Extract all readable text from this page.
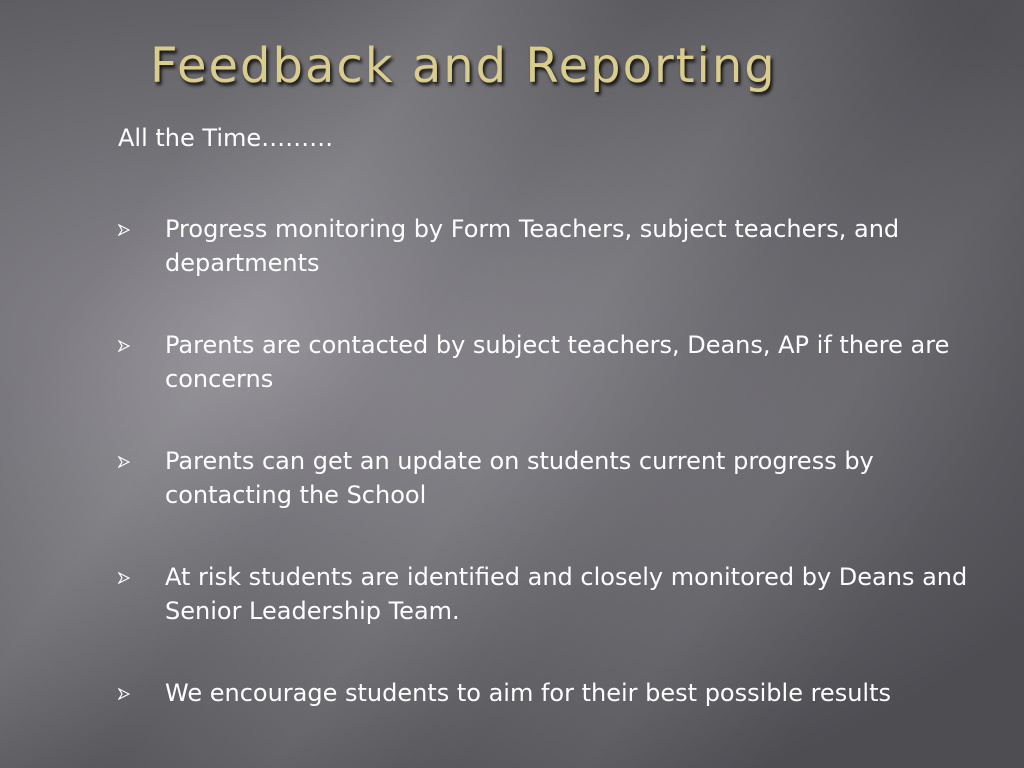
Feedback and Reporting

All the Time………

Progress monitoring by Form Teachers, subject teachers, and departments
Parents are contacted by subject teachers, Deans, AP if there are concerns
Parents can get an update on students current progress by contacting the School
At risk students are identified and closely monitored by Deans and Senior Leadership Team.
We encourage students to aim for their best possible results
